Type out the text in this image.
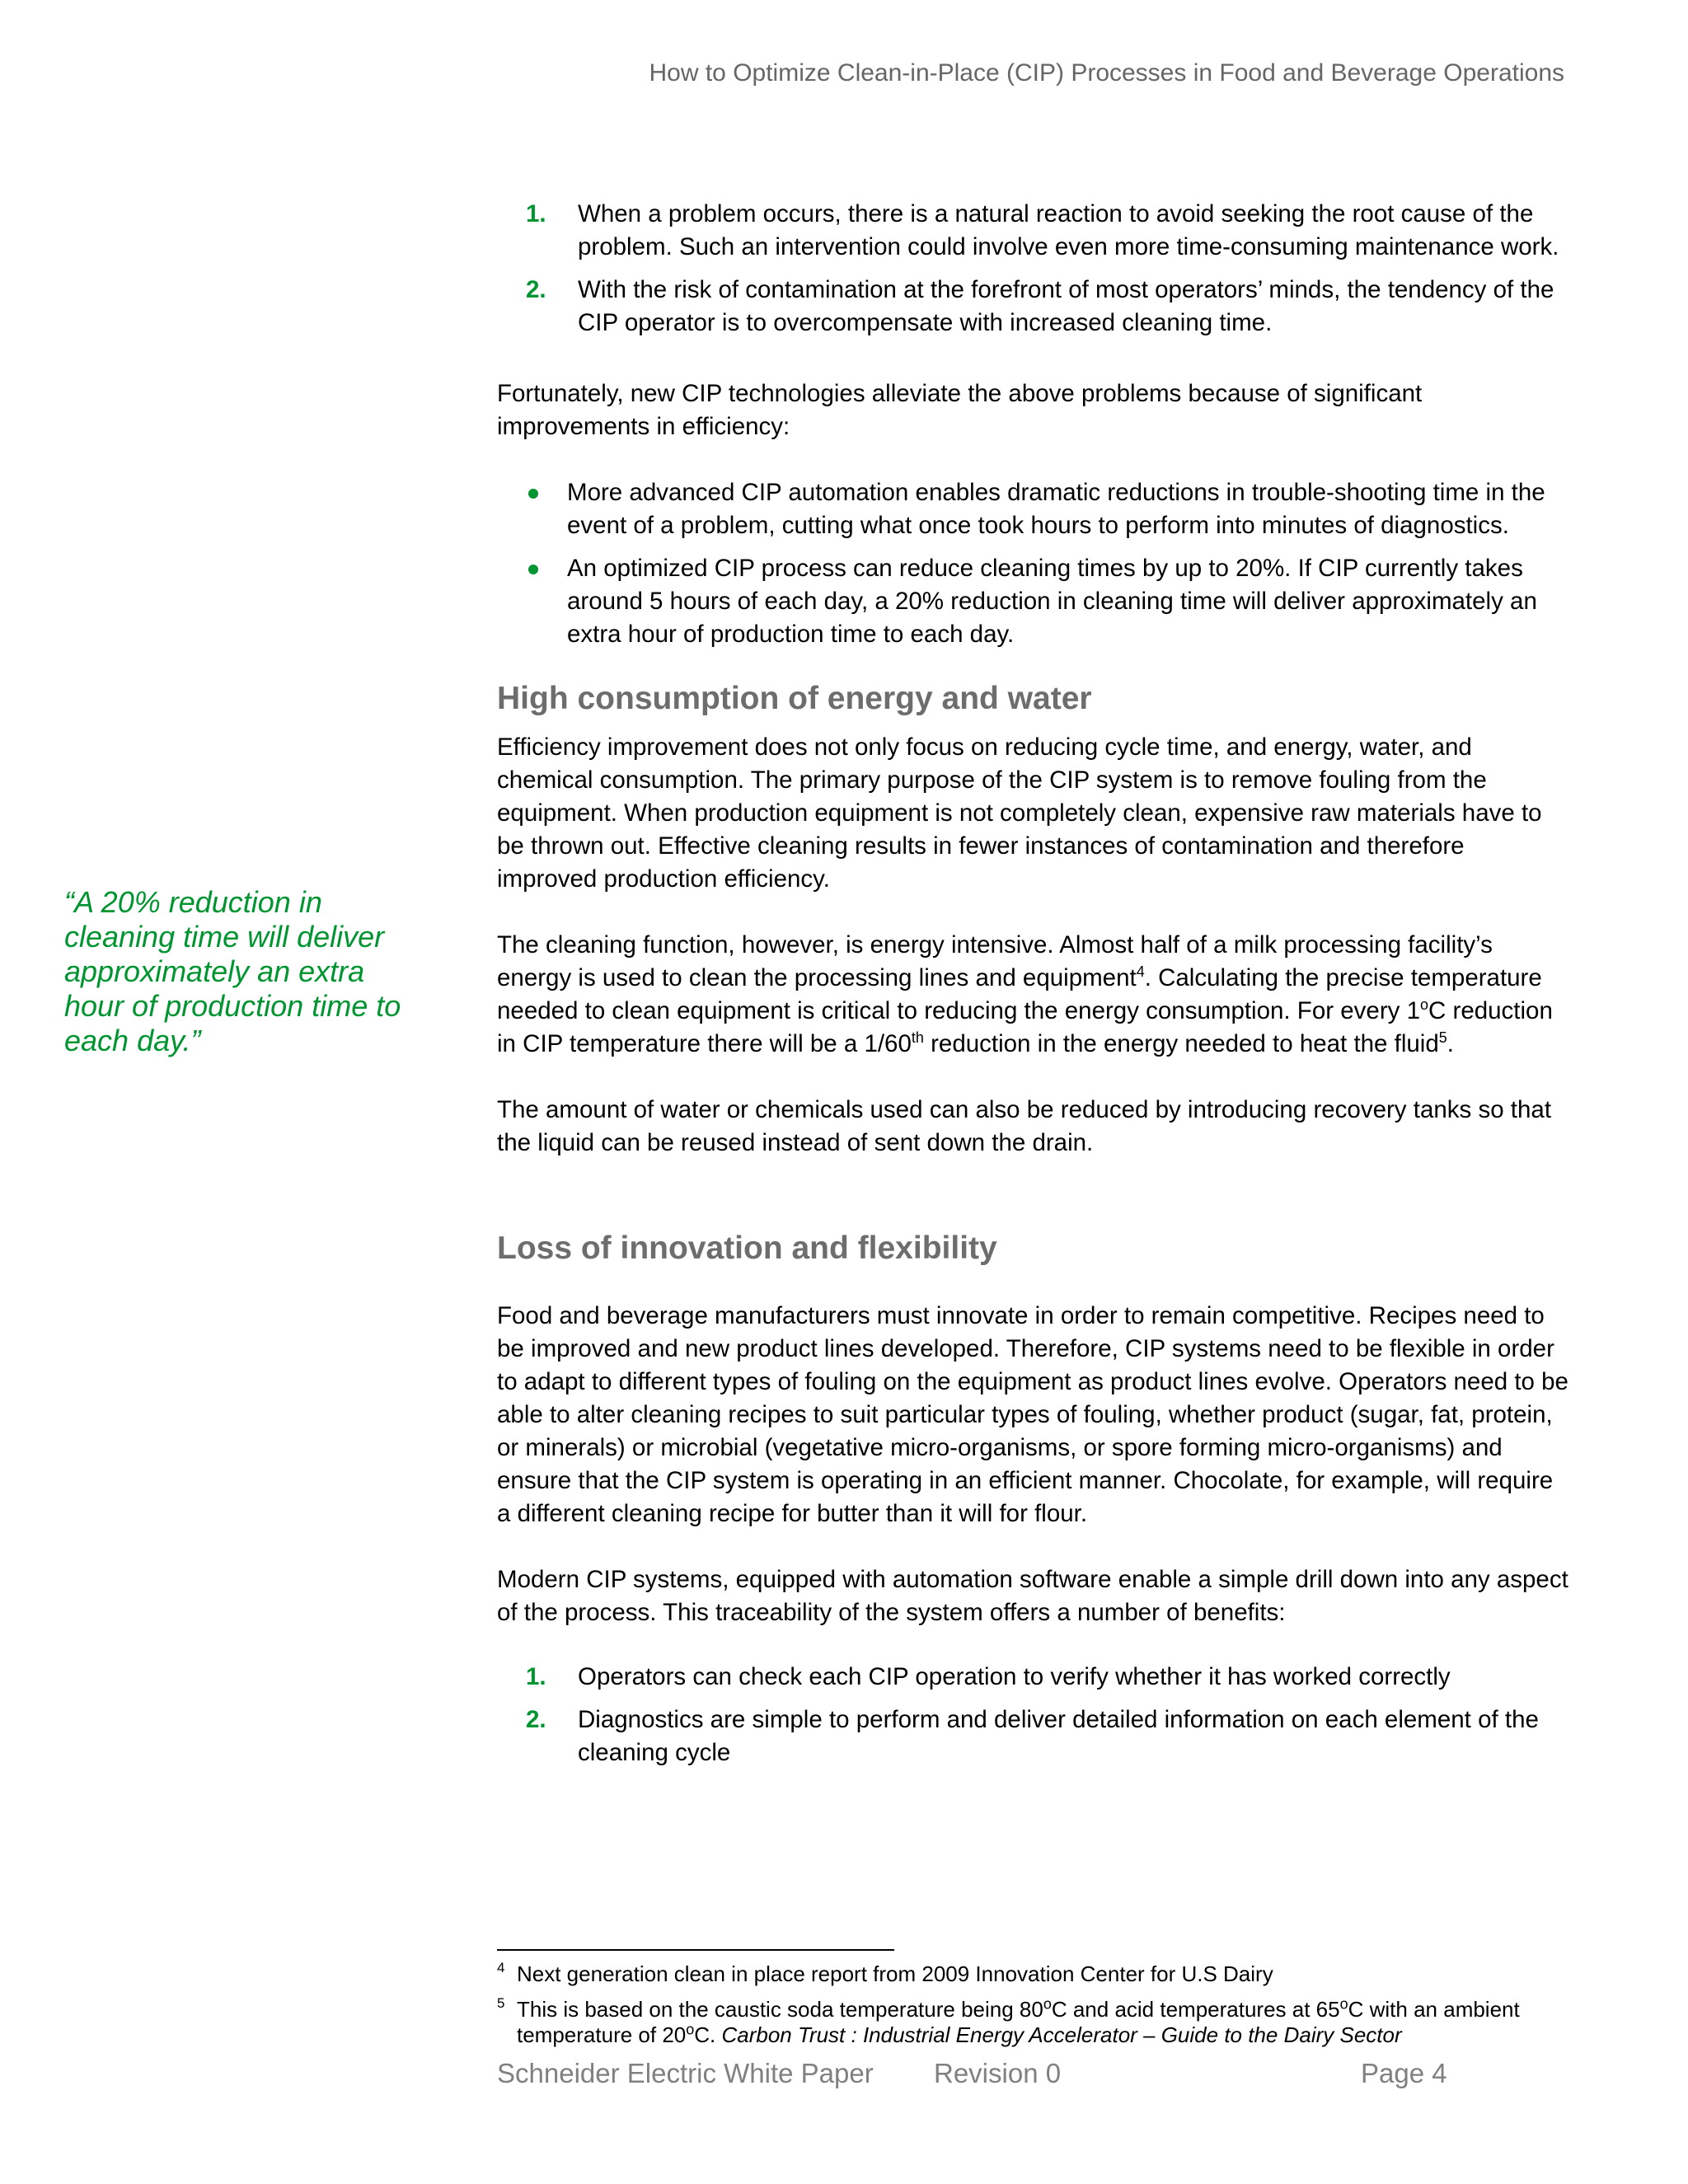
How to Optimize Clean-in-Place (CIP) Processes in Food and Beverage Operations
“A 20% reduction in cleaning time will deliver approximately an extra hour of production time to each day.”
1. When a problem occurs, there is a natural reaction to avoid seeking the root cause of the problem. Such an intervention could involve even more time-consuming maintenance work.
2. With the risk of contamination at the forefront of most operators’ minds, the tendency of the CIP operator is to overcompensate with increased cleaning time.

Fortunately, new CIP technologies alleviate the above problems because of significant improvements in efficiency:

More advanced CIP automation enables dramatic reductions in trouble-shooting time in the event of a problem, cutting what once took hours to perform into minutes of diagnostics.
An optimized CIP process can reduce cleaning times by up to 20%. If CIP currently takes around 5 hours of each day, a 20% reduction in cleaning time will deliver approximately an extra hour of production time to each day.
High consumption of energy and water

Efficiency improvement does not only focus on reducing cycle time, and energy, water, and chemical consumption. The primary purpose of the CIP system is to remove fouling from the equipment. When production equipment is not completely clean, expensive raw materials have to be thrown out. Effective cleaning results in fewer instances of contamination and therefore improved production efficiency.

The cleaning function, however, is energy intensive. Almost half of a milk processing facility’s energy is used to clean the processing lines and equipment$^4$. Calculating the precise temperature needed to clean equipment is critical to reducing the energy consumption. For every 1$^o$C reduction in CIP temperature there will be a 1/60th reduction in the energy needed to heat the fluid$^5$.

The amount of water or chemicals used can also be reduced by introducing recovery tanks so that the liquid can be reused instead of sent down the drain.

Loss of innovation and flexibility

Food and beverage manufacturers must innovate in order to remain competitive. Recipes need to be improved and new product lines developed. Therefore, CIP systems need to be flexible in order to adapt to different types of fouling on the equipment as product lines evolve. Operators need to be able to alter cleaning recipes to suit particular types of fouling, whether product (sugar, fat, protein, or minerals) or microbial (vegetative micro-organisms, or spore forming micro-organisms) and ensure that the CIP system is operating in an efficient manner. Chocolate, for example, will require a different cleaning recipe for butter than it will for flour.

Modern CIP systems, equipped with automation software enable a simple drill down into any aspect of the process. This traceability of the system offers a number of benefits:

1. Operators can check each CIP operation to verify whether it has worked correctly
2. Diagnostics are simple to perform and deliver detailed information on each element of the cleaning cycle
4 Next generation clean in place report from 2009 Innovation Center for U.S Dairy
5 This is based on the caustic soda temperature being 80$^o$C and acid temperatures at 65$^o$C with an ambient temperature of 20$^o$C. Carbon Trust : Industrial Energy Accelerator – Guide to the Dairy Sector
Schneider Electric White Paper Revision 0	Page 4
